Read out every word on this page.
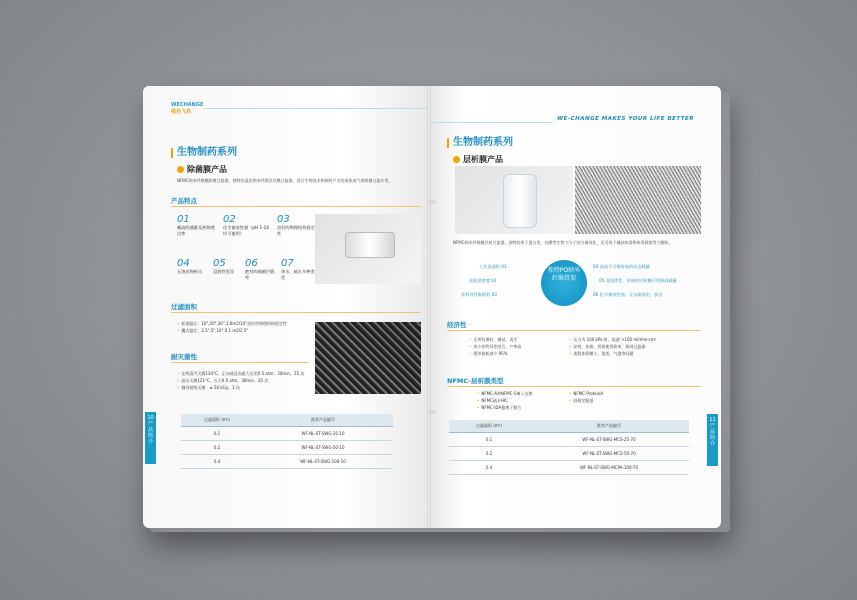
WECHANGE
维昌飞高
生物制药系列
除菌膜产品
NFMC纳米纤维膜除菌过滤器，独特的湿法纳米纤维涂层膜过滤器，适合生物技术和制药产业的液体或气体除菌过滤应用。
产品特点
01
颇高的通量及药物透过率
02
化学兼容性强（pH 1-14均可使用）
03
良好的物理结构稳定性
04
无溶出物析出
05
浸润性优异
06
绝对的细菌拦截率
07
余水，疏水多种类型
过滤面积
• 标准滤芯：10",20",30",1.0m2/10"良好的物理结构稳定性
• 囊式滤芯：2.5",5",10",0.1 m2/2.5"
耐灭菌性
• 在线蒸汽灭菌134°C，正向或反向最大压差0.5 atm，20min，25 次
• 高压灭菌121°C，压力0.0 atm，30min，25 次
• 伽玛射线灭菌：≤ 50 kGy，1 次
过滤面积 (m²)	推荐产品编号
0.1	WF-NL-ST-SWG-25-10
0.2	WF-NL-ST-SWG-50-10
0.4	WF-NL-ST-SWG-100-10
10
产品简介
WE-CHANGE MAKES YOUR LIFE BETTER
生物制药系列
层析膜产品
NFMC纳米纤维膜层析过滤器，独特的用于蛋白类，抗酸等生物大分子的分离纯化，还可用于捕获病毒和病毒载体等大颗粒。
大比表面积 01
高配基密度 02
非特异性吸附低 03
独特PO纳米纤维骨架
04 高流下可保持高的动态载量
05 非连续性，传统的层析膜可用降低载量
06 化学兼容性强，无杂质溶出，析出
经济性
• 无须装填柱，测试，再生
• 更少非特异性结合，产率高
• 缓冲液耗减少 95%
• 压力为 100 kPa 时，流速 >100 ml/min·cm²
• 安装，连接，拆换使用简单，如同过滤器
• 流程体积膜小，依类，气泡等问题
NFMC-层析膜类型
• NFMC-A和NFMC-S离子交换
• NFMC疏水HIC
• NFMC-IDA螯离子整合
• NFMC-ProteinA
• 固相定配基
过滤面积 (m²)	推荐产品编号
0.1	WF-NL-ST-SWG-MCS-25-70
0.2	WF-NL-ST-SWG-MCS-50-70
0.4	WF-NL-ST-SWG-MCPA-100-70
11
产品简介
